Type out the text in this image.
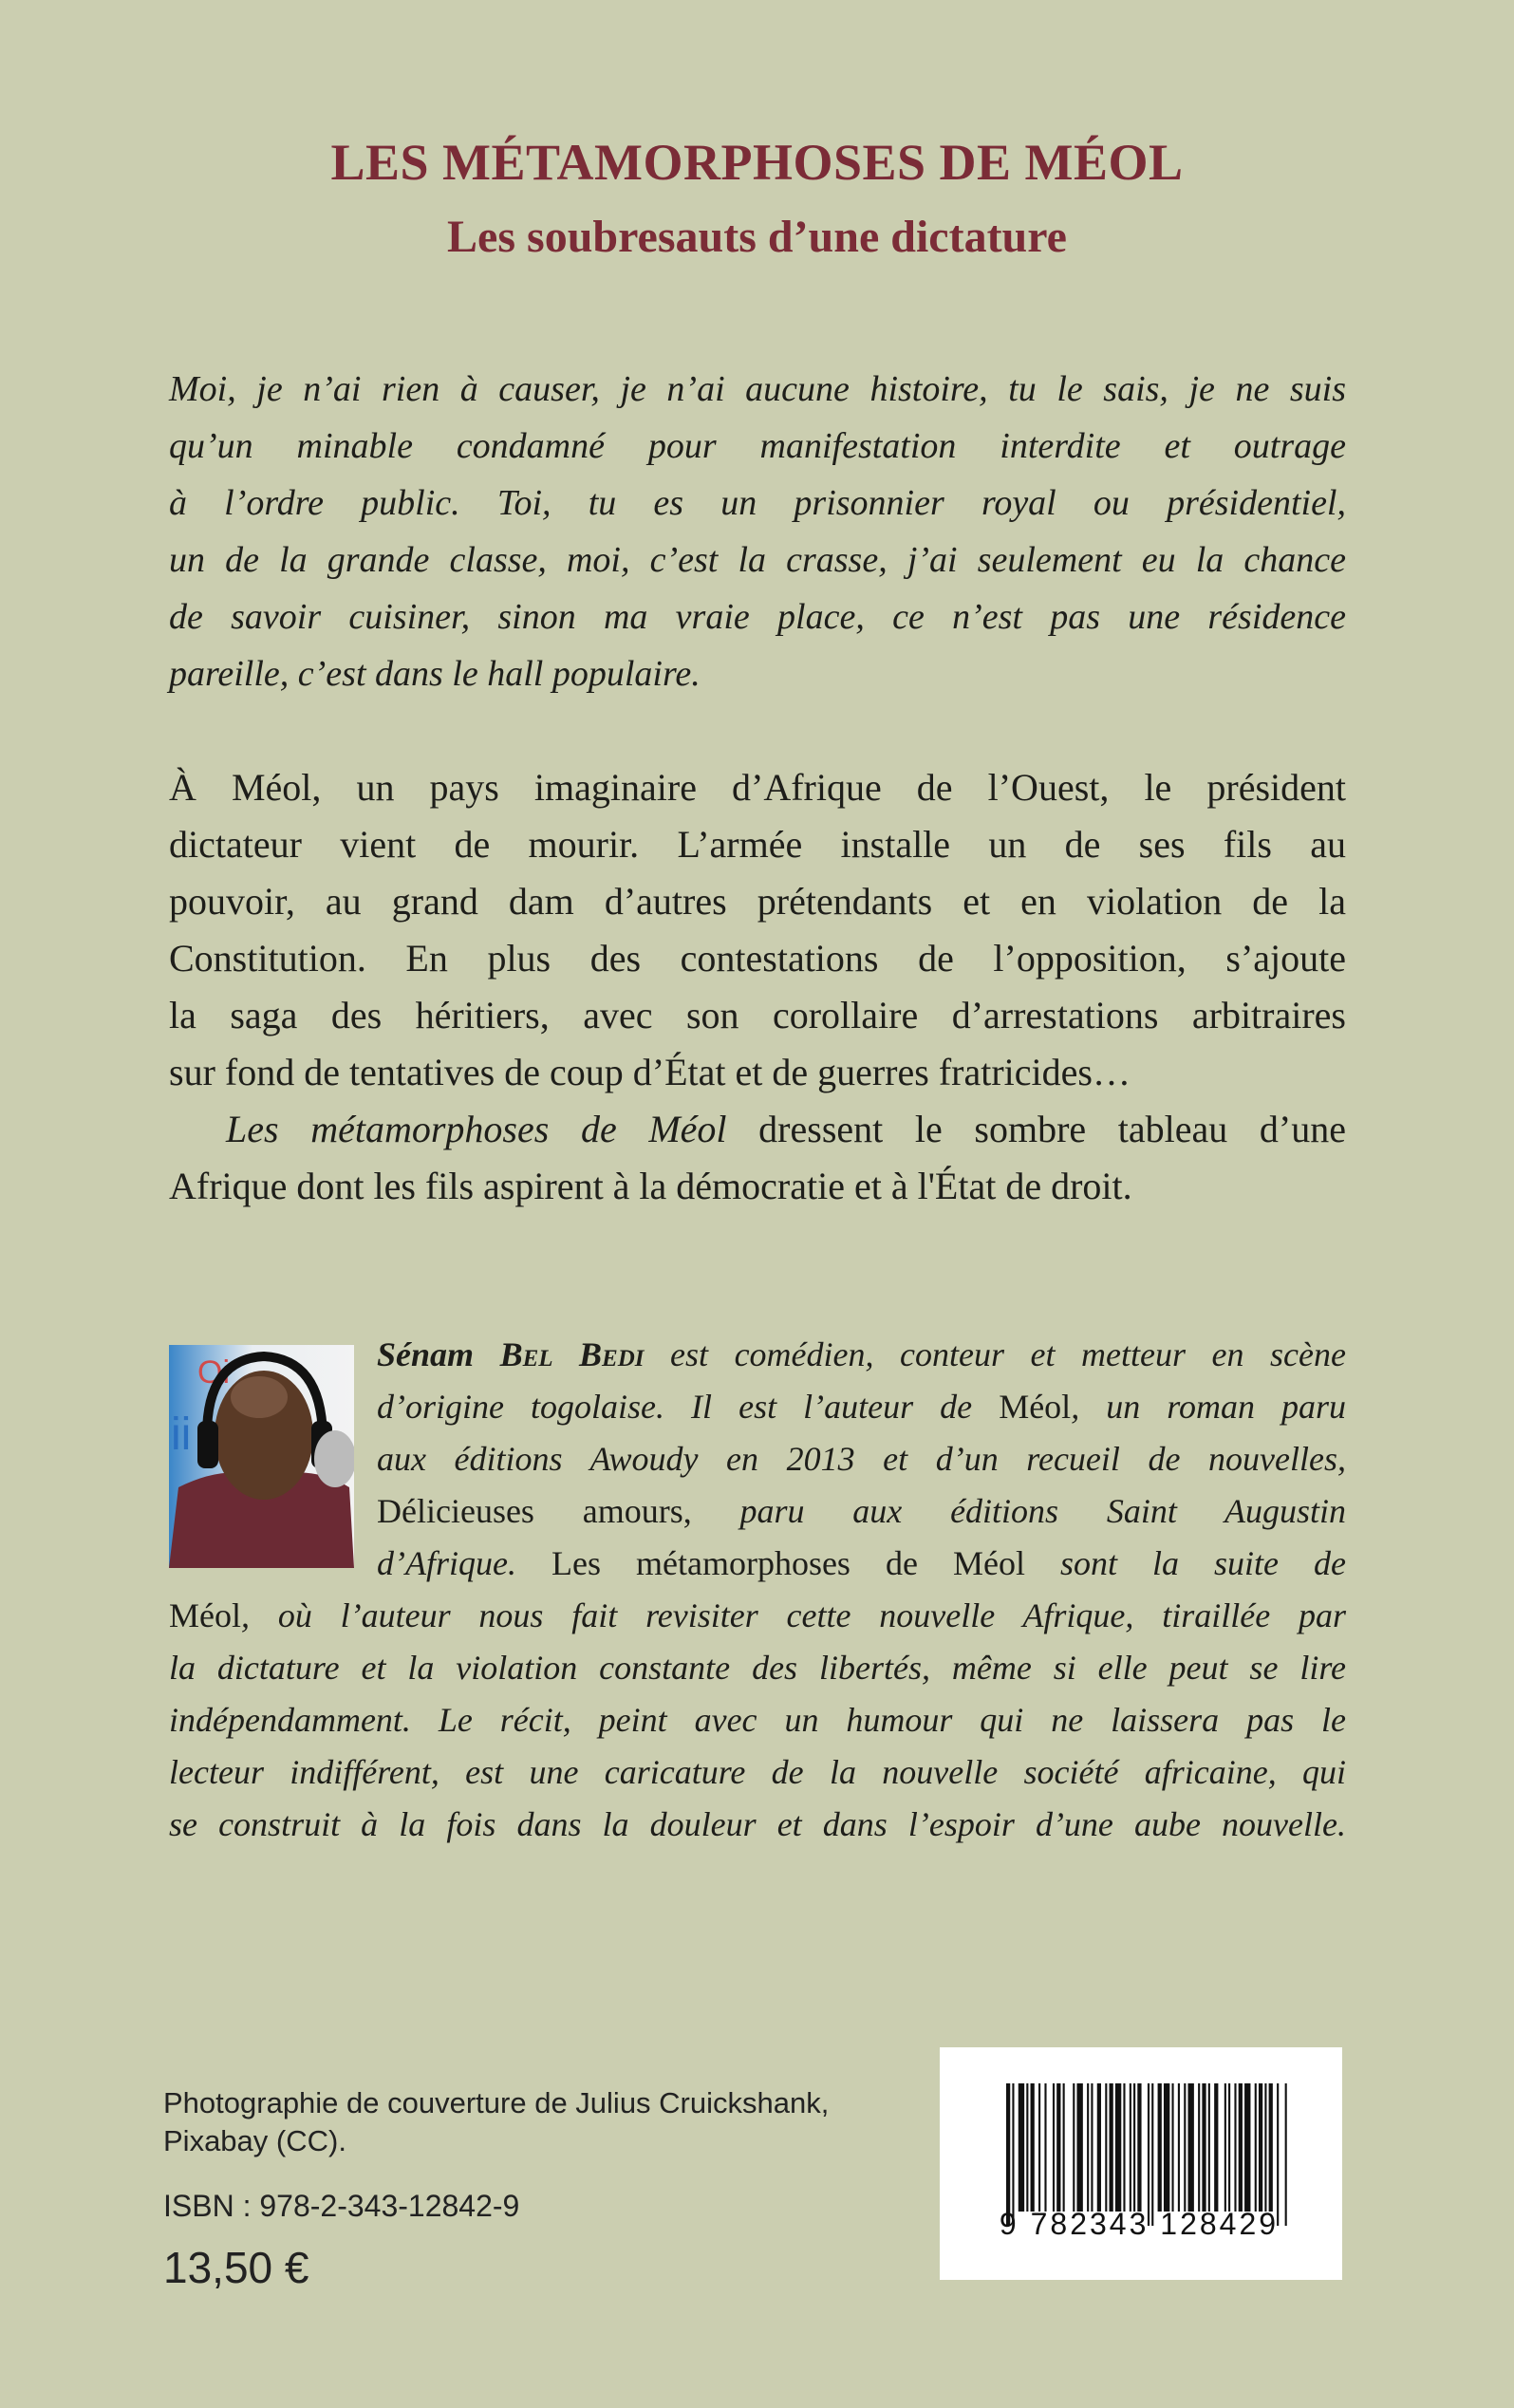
LES MÉTAMORPHOSES DE MÉOL
Les soubresauts d’une dictature
Moi, je n’ai rien à causer, je n’ai aucune histoire, tu le sais, je ne suis
qu’un minable condamné pour manifestation interdite et outrage
à l’ordre public. Toi, tu es un prisonnier royal ou présidentiel,
un de la grande classe, moi, c’est la crasse, j’ai seulement eu la chance
de savoir cuisiner, sinon ma vraie place, ce n’est pas une résidence
pareille, c’est dans le hall populaire.
À Méol, un pays imaginaire d’Afrique de l’Ouest, le président
dictateur vient de mourir. L’armée installe un de ses fils au
pouvoir, au grand dam d’autres prétendants et en violation de la
Constitution. En plus des contestations de l’opposition, s’ajoute
la saga des héritiers, avec son corollaire d’arrestations arbitraires
sur fond de tentatives de coup d’État et de guerres fratricides…
Les métamorphoses de Méol dressent le sombre tableau d’une
Afrique dont les fils aspirent à la démocratie et à l'État de droit.
Oi
ii
Sénam Bel Bedi est comédien, conteur et metteur en scène
d’origine togolaise. Il est l’auteur de Méol, un roman paru
aux éditions Awoudy en 2013 et d’un recueil de nouvelles,
Délicieuses amours, paru aux éditions Saint Augustin
d’Afrique. Les métamorphoses de Méol sont la suite de
Méol, où l’auteur nous fait revisiter cette nouvelle Afrique, tiraillée par
la dictature et la violation constante des libertés, même si elle peut se lire
indépendamment. Le récit, peint avec un humour qui ne laissera pas le
lecteur indifférent, est une caricature de la nouvelle société africaine, qui
se construit à la fois dans la douleur et dans l’espoir d’une aube nouvelle.
Photographie de couverture de Julius Cruickshank,
Pixabay (CC).
ISBN : 978-2-343-12842-9
13,50 €
9 782343 128429
